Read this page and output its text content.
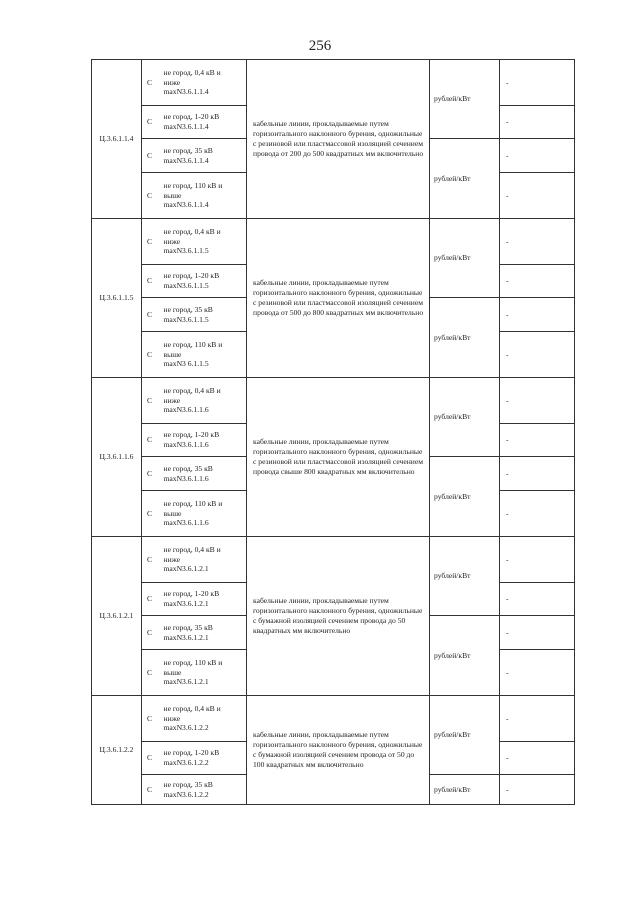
256
Ц.3.6.1.1.4	С	не город, 0,4 кВ и
ниже
maxN3.6.1.1.4	кабельные линии, прокладываемые путем горизонтального наклонного бурения, одножильные с резиновой или пластмассовой изоляцией сечением провода от 200 до 500 квадратных мм включительно	рублей/кВт	-
	С	не город, 1-20 кВ
maxN3.6.1.1.4			-
	С	не город, 35 кВ
maxN3.6.1.1.4		рублей/кВт	-
	С	не город, 110 кВ и
выше
maxN3.6.1.1.4			-
Ц.3.6.1.1.5	С	не город, 0,4 кВ и
ниже
maxN3.6.1.1.5	кабельные линии, прокладываемые путем горизонтального наклонного бурения, одножильные с резиновой или пластмассовой изоляцией сечением провода от 500 до 800 квадратных мм включительно	рублей/кВт	-
	С	не город, 1-20 кВ
maxN3.6.1.1.5			-
	С	не город, 35 кВ
maxN3.6.1.1.5		рублей/кВт	-
	С	не город, 110 кВ и
выше
maxN3 6.1.1.5			-
Ц.3.6.1.1.6	С	не город, 0,4 кВ и
ниже
maxN3.6.1.1.6	кабельные линии, прокладываемые путем горизонтального наклонного бурения, одножильные с резиновой или пластмассовой изоляцией сечением провода свыше 800 квадратных мм включительно	рублей/кВт	-
	С	не город, 1-20 кВ
maxN3.6.1.1.6			-
	С	не город, 35 кВ
maxN3.6.1.1.6		рублей/кВт	-
	С	не город, 110 кВ и
выше
maxN3.6.1.1.6			-
Ц.3.6.1.2.1	С	не город, 0,4 кВ и
ниже
maxN3.6.1.2.1	кабельные линии, прокладываемые путем горизонтального наклонного бурения, одножильные с бумажной изоляцией сечением провода до 50 квадратных мм включительно	рублей/кВт	-
	С	не город, 1-20 кВ
maxN3.6.1.2.1			-
	С	не город, 35 кВ
maxN3.6.1.2.1		рублей/кВт	-
	С	не город, 110 кВ и
выше
maxN3.6.1.2.1			-
Ц.3.6.1.2.2	С	не город, 0,4 кВ и
ниже
maxN3.6.1.2.2	кабельные линии, прокладываемые путем горизонтального наклонного бурения, одножильные с бумажной изоляцией сечением провода от 50 до 100 квадратных мм включительно	рублей/кВт	-
	С	не город, 1-20 кВ
maxN3.6.1.2.2			-
	С	не город, 35 кВ
maxN3.6.1.2.2		рублей/кВт	-
